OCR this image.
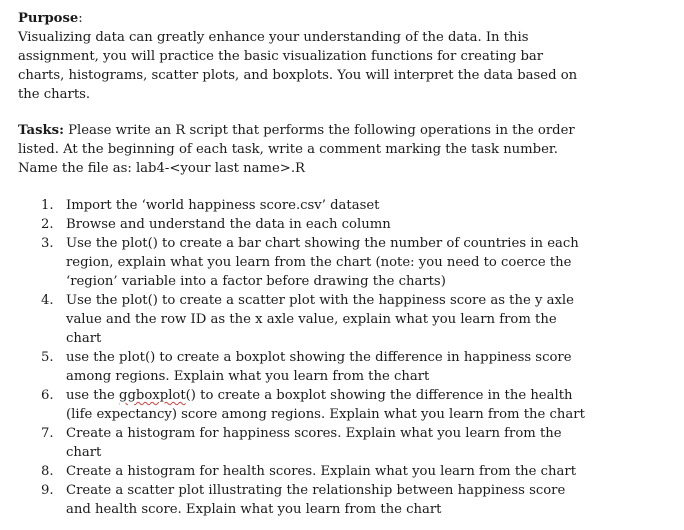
Purpose:
Visualizing data can greatly enhance your understanding of the data. In this
assignment, you will practice the basic visualization functions for creating bar
charts, histograms, scatter plots, and boxplots. You will interpret the data based on
the charts.
Tasks: Please write an R script that performs the following operations in the order
listed. At the beginning of each task, write a comment marking the task number.
Name the file as: lab4-<your last name>.R
1. Import the ‘world happiness score.csv’ dataset
2. Browse and understand the data in each column
3. Use the plot() to create a bar chart showing the number of countries in each
region, explain what you learn from the chart (note: you need to coerce the
‘region’ variable into a factor before drawing the charts)
4. Use the plot() to create a scatter plot with the happiness score as the y axle
value and the row ID as the x axle value, explain what you learn from the
chart
5. use the plot() to create a boxplot showing the difference in happiness score
among regions. Explain what you learn from the chart
6. use the ggboxplot() to create a boxplot showing the difference in the health
(life expectancy) score among regions. Explain what you learn from the chart
7. Create a histogram for happiness scores. Explain what you learn from the
chart
8. Create a histogram for health scores. Explain what you learn from the chart
9. Create a scatter plot illustrating the relationship between happiness score
and health score. Explain what you learn from the chart
